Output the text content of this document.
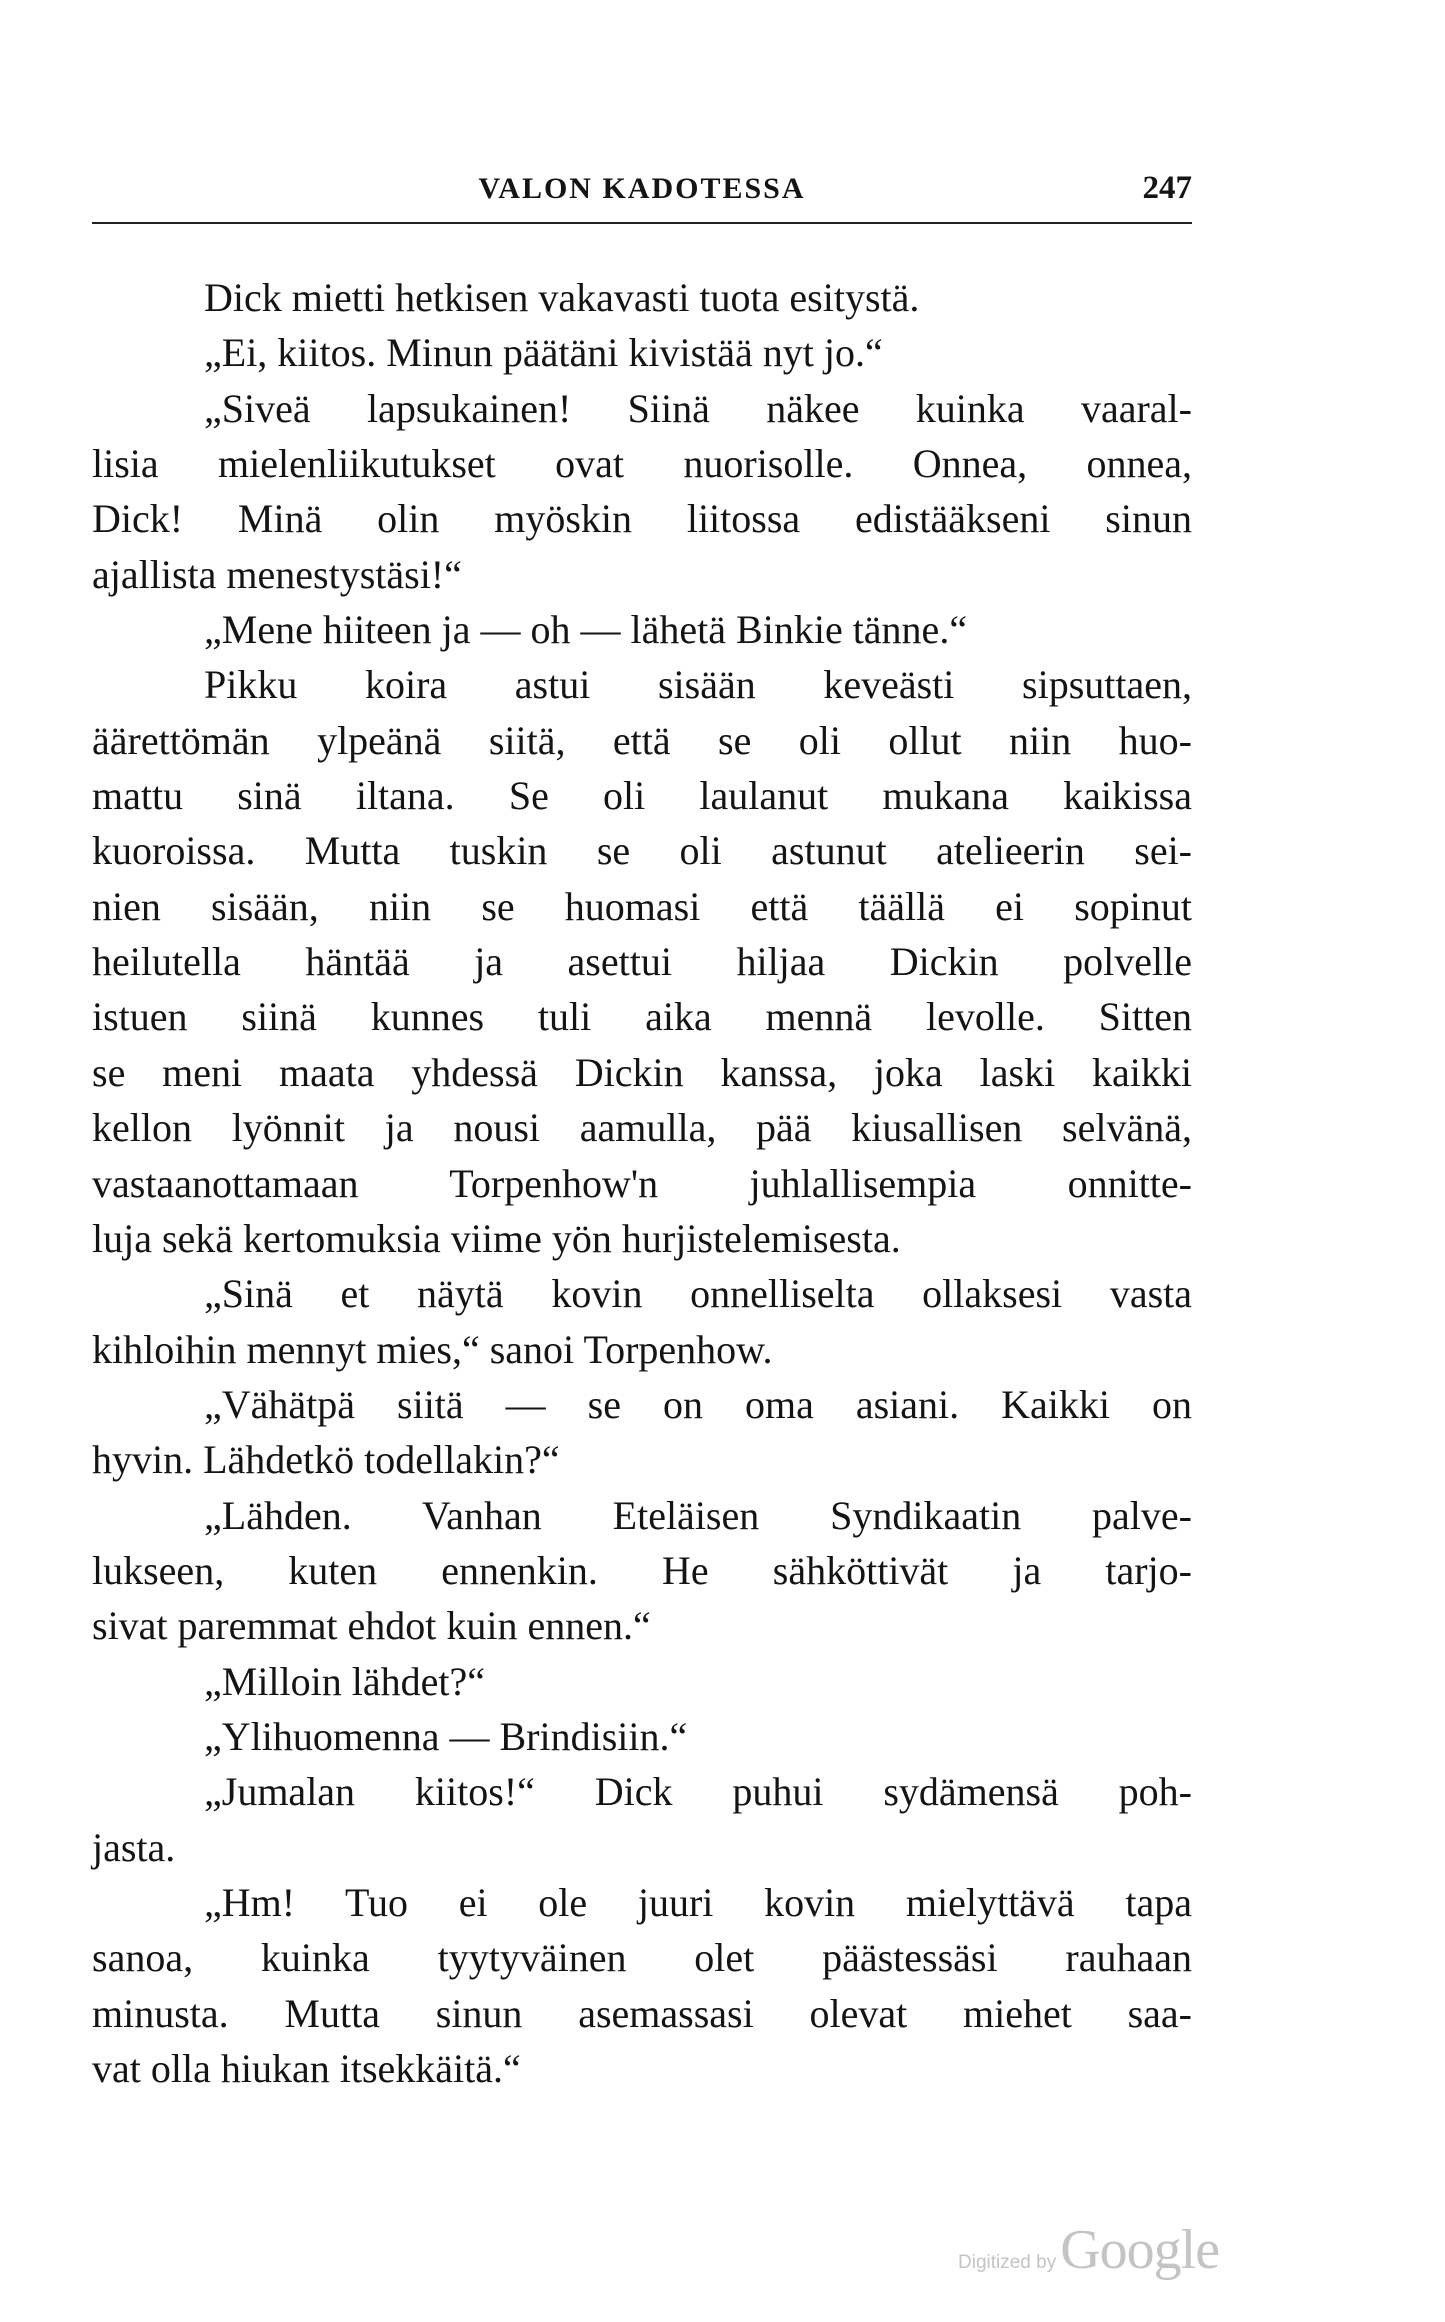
VALON KADOTESSA	247
Dick mietti hetkisen vakavasti tuota esitystä.
„Ei, kiitos. Minun päätäni kivistää nyt jo.“
„Siveä lapsukainen! Siinä näkee kuinka vaaral-
lisia mielenliikutukset ovat nuorisolle. Onnea, onnea,
Dick! Minä olin myöskin liitossa edistääkseni sinun
ajallista menestystäsi!“
„Mene hiiteen ja — oh — lähetä Binkie tänne.“
Pikku koira astui sisään keveästi sipsuttaen,
äärettömän ylpeänä siitä, että se oli ollut niin huo-
mattu sinä iltana. Se oli laulanut mukana kaikissa
kuoroissa. Mutta tuskin se oli astunut atelieerin sei-
nien sisään, niin se huomasi että täällä ei sopinut
heilutella häntää ja asettui hiljaa Dickin polvelle
istuen siinä kunnes tuli aika mennä levolle. Sitten
se meni maata yhdessä Dickin kanssa, joka laski kaikki
kellon lyönnit ja nousi aamulla, pää kiusallisen selvänä,
vastaanottamaan Torpenhow'n juhlallisempia onnitte-
luja sekä kertomuksia viime yön hurjistelemisesta.
„Sinä et näytä kovin onnelliselta ollaksesi vasta
kihloihin mennyt mies,“ sanoi Torpenhow.
„Vähätpä siitä — se on oma asiani. Kaikki on
hyvin. Lähdetkö todellakin?“
„Lähden. Vanhan Eteläisen Syndikaatin palve-
lukseen, kuten ennenkin. He sähköttivät ja tarjo-
sivat paremmat ehdot kuin ennen.“
„Milloin lähdet?“
„Ylihuomenna — Brindisiin.“
„Jumalan kiitos!“ Dick puhui sydämensä poh-
jasta.
„Hm! Tuo ei ole juuri kovin mielyttävä tapa
sanoa, kuinka tyytyväinen olet päästessäsi rauhaan
minusta. Mutta sinun asemassasi olevat miehet saa-
vat olla hiukan itsekkäitä.“
Digitized by Google
